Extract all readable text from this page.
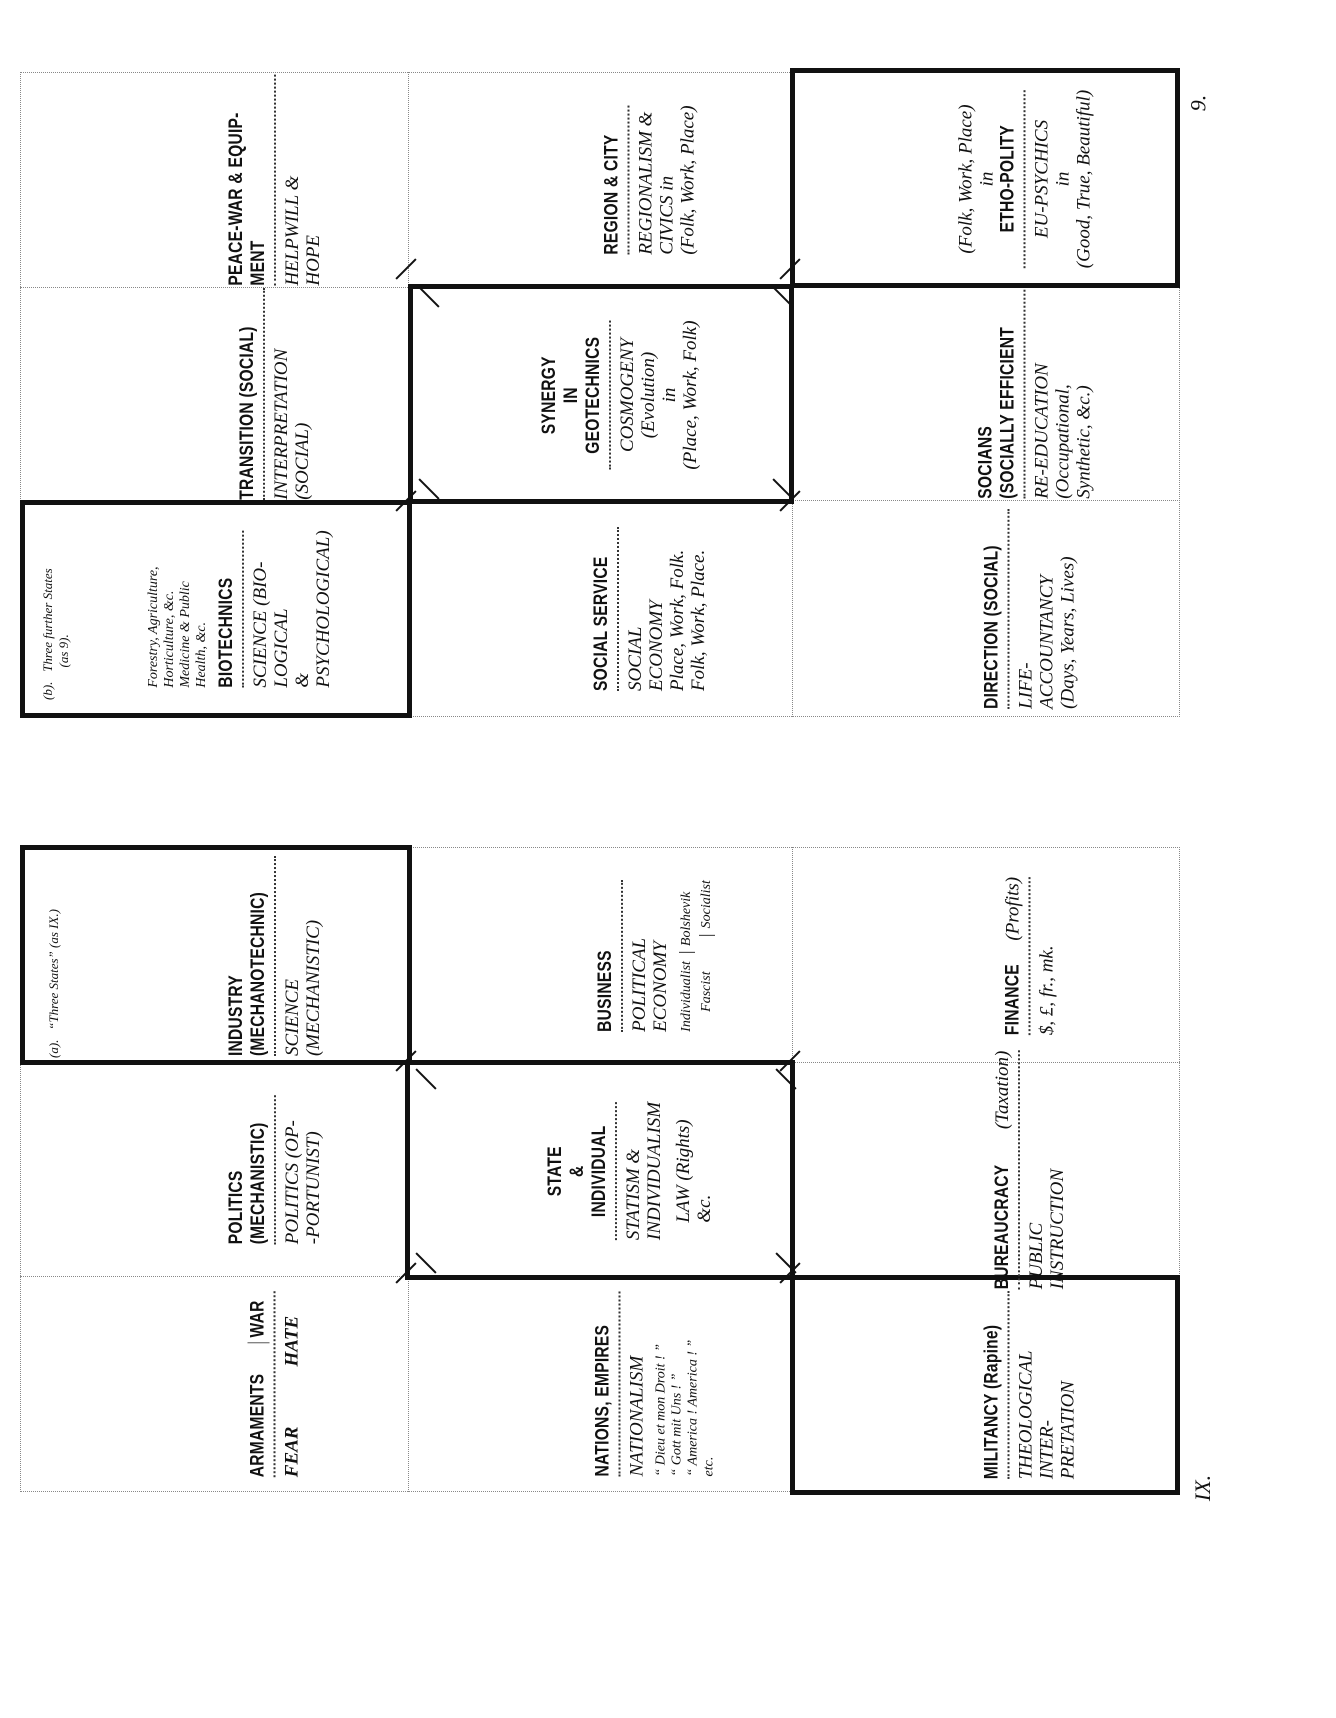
(b).   Three further States
(as 9).
9.
Forestry, Agriculture,
Horticulture, &c.
Medicine & Public
Health, &c. BIOTECHNICS SCIENCE (BIO-
LOGICAL
&
PSYCHOLOGICAL)
TRANSITION (SOCIAL) INTERPRETATION
(SOCIAL)
PEACE-WAR & EQUIP-
MENT HELPWILL &
HOPE
SOCIAL SERVICE SOCIAL
ECONOMY
Place, Work, Folk.
Folk, Work, Place.
SYNERGY
IN
GEOTECHNICS COSMOGENY
(Evolution)
in
(Place, Work, Folk)
REGION & CITY REGIONALISM &
CIVICS in
(Folk, Work, Place)
DIRECTION (SOCIAL) LIFE-
ACCOUNTANCY
(Days, Years, Lives)
SOCIANS
(SOCIALLY EFFICIENT RE-EDUCATION
(Occupational,
Synthetic, &c.)
(Folk, Work, Place)
in ETHO-POLITY EU-PSYCHICS
in
(Good, True, Beautiful)
(a).   “Three States” (as IX.)
IX.
ARMAMENTS
WAR
FEAR
HATE
POLITICS
(MECHANISTIC) POLITICS (OP-
-PORTUNIST)
INDUSTRY
(MECHANOTECHNIC) SCIENCE
(MECHANISTIC)
NATIONS, EMPIRES NATIONALISM “ Dieu et mon Droit ! ”
“ Gott mit Uns ! ”
“ America ! America ! ”
etc.
STATE
&
INDIVIDUAL STATISM &
INDIVIDUALISM LAW (Rights)
&c.
BUSINESS POLITICAL
ECONOMY Individualist
Bolshevik
Fascist
Socialist
MILITANCY (Rapine) THEOLOGICAL
INTER-
PRETATION
BUREAUCRACY
(Taxation)
PUBLIC
INSTRUCTION
FINANCE
(Profits)
$, £, fr., mk.
